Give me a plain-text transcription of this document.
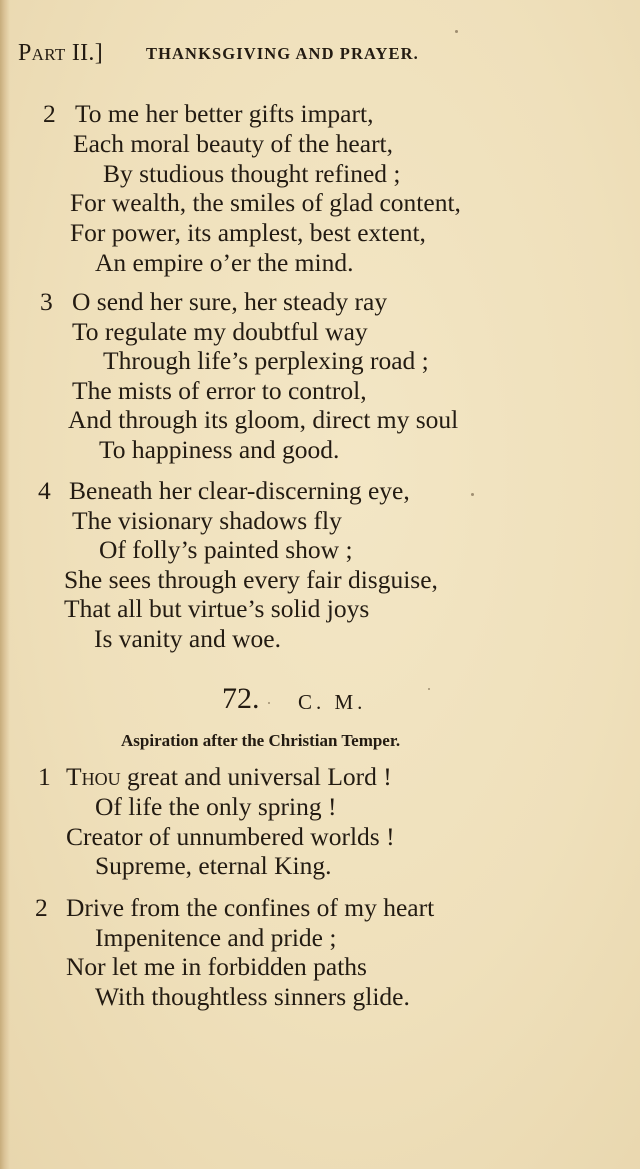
Part II.]	THANKSGIVING AND PRAYER.
2 To me her better gifts impart,
Each moral beauty of the heart,
By studious thought refined ;
For wealth, the smiles of glad content,
For power, its amplest, best extent,
An empire o’er the mind.
3 O send her sure, her steady ray
To regulate my doubtful way
Through life’s perplexing road ;
The mists of error to control,
And through its gloom, direct my soul
To happiness and good.
4 Beneath her clear-discerning eye,
The visionary shadows fly
Of folly’s painted show ;
She sees through every fair disguise,
That all but virtue’s solid joys
Is vanity and woe.
72. C. M.
Aspiration after the Christian Temper.
1 Thou great and universal Lord !
Of life the only spring !
Creator of unnumbered worlds !
Supreme, eternal King.
2 Drive from the confines of my heart
Impenitence and pride ;
Nor let me in forbidden paths
With thoughtless sinners glide.
